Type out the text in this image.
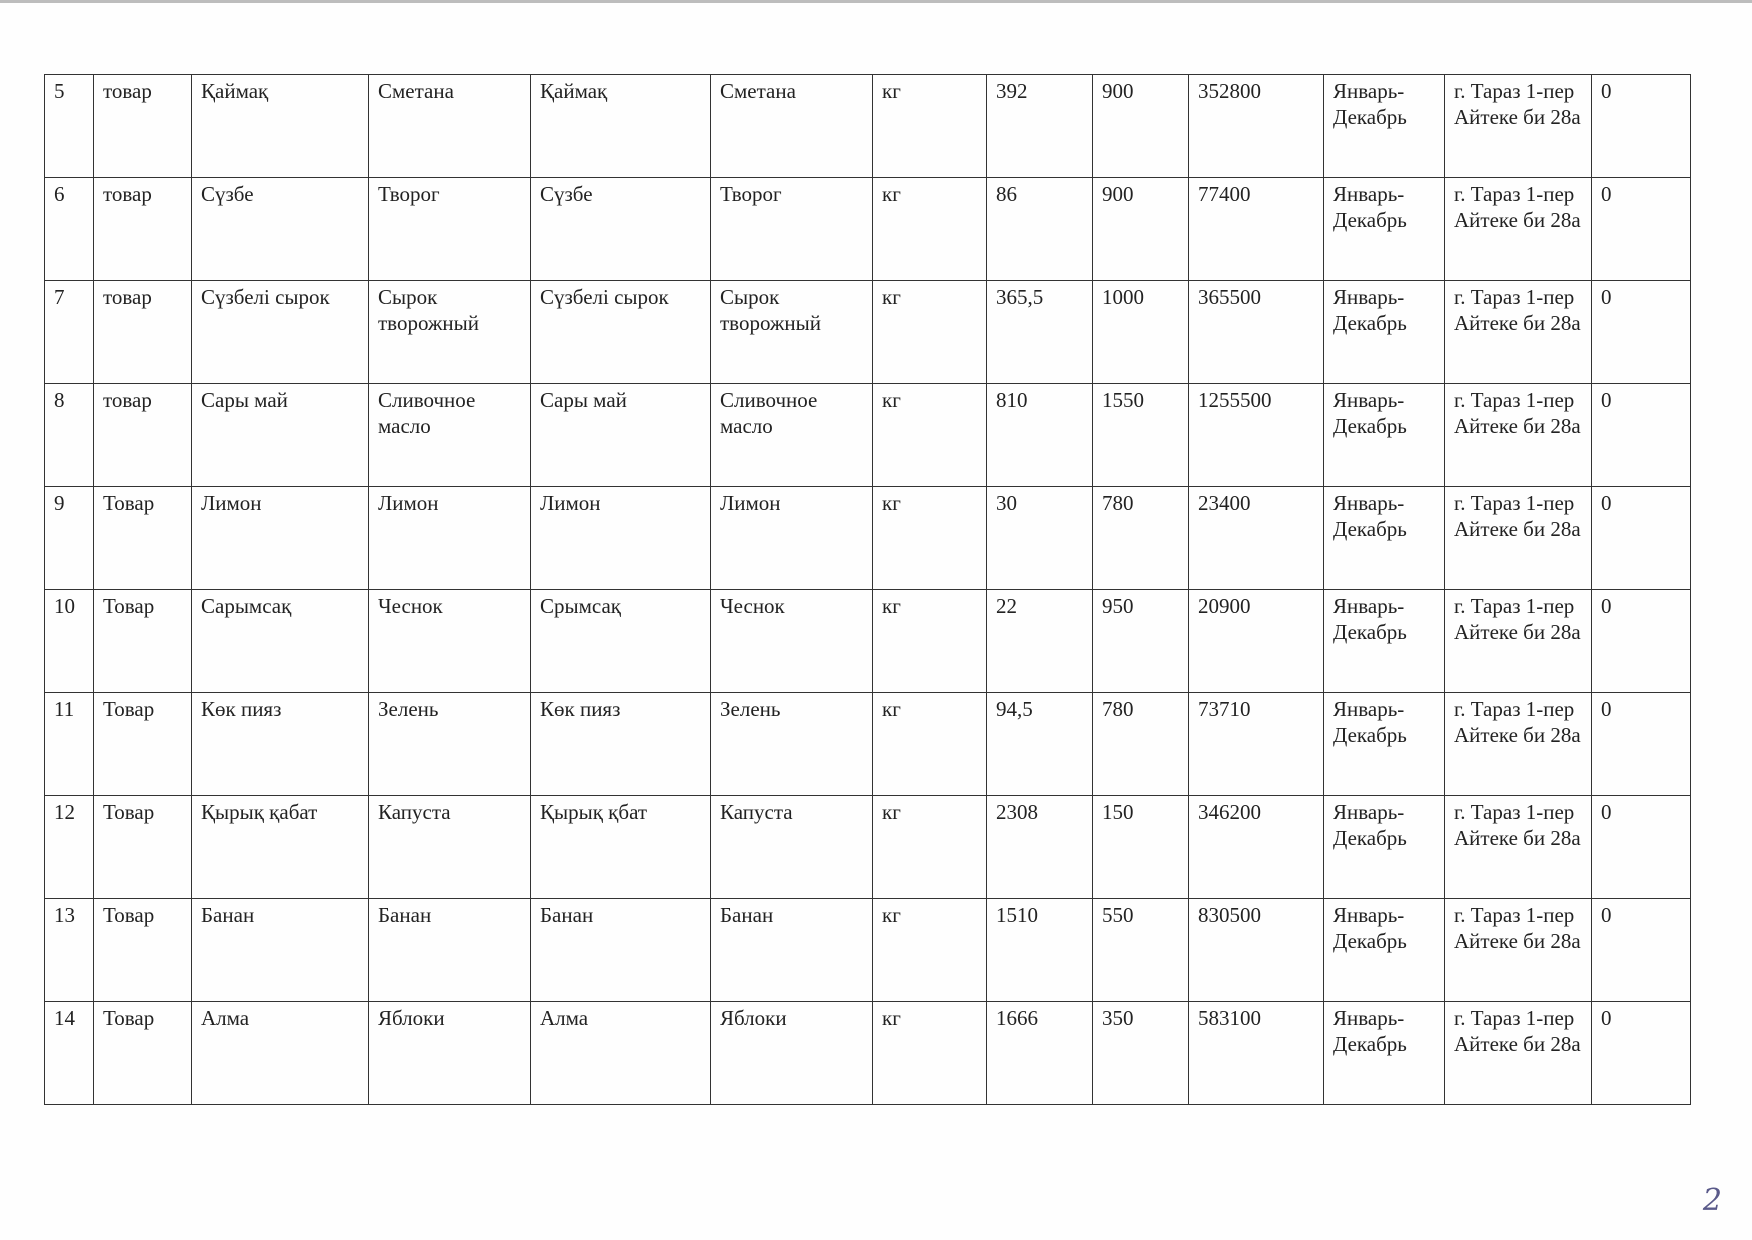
5	товар	Қаймақ	Сметана	Қаймақ	Сметана	кг	392	900	352800	Январь-Декабрь	г. Тараз 1-пер Айтеке би 28а	0
6	товар	Сүзбе	Творог	Сүзбе	Творог	кг	86	900	77400	Январь-Декабрь	г. Тараз 1-пер Айтеке би 28а	0
7	товар	Сүзбелі сырок	Сырок творожный	Сүзбелі сырок	Сырок творожный	кг	365,5	1000	365500	Январь-Декабрь	г. Тараз 1-пер Айтеке би 28а	0
8	товар	Сары май	Сливочное масло	Сары май	Сливочное масло	кг	810	1550	1255500	Январь-Декабрь	г. Тараз 1-пер Айтеке би 28а	0
9	Товар	Лимон	Лимон	Лимон	Лимон	кг	30	780	23400	Январь-Декабрь	г. Тараз 1-пер Айтеке би 28а	0
10	Товар	Сарымсақ	Чеснок	Срымсақ	Чеснок	кг	22	950	20900	Январь-Декабрь	г. Тараз 1-пер Айтеке би 28а	0
11	Товар	Көк пияз	Зелень	Көк пияз	Зелень	кг	94,5	780	73710	Январь-Декабрь	г. Тараз 1-пер Айтеке би 28а	0
12	Товар	Қырық қабат	Капуста	Қырық қбат	Капуста	кг	2308	150	346200	Январь-Декабрь	г. Тараз 1-пер Айтеке би 28а	0
13	Товар	Банан	Банан	Банан	Банан	кг	1510	550	830500	Январь-Декабрь	г. Тараз 1-пер Айтеке би 28а	0
14	Товар	Алма	Яблоки	Алма	Яблоки	кг	1666	350	583100	Январь-Декабрь	г. Тараз 1-пер Айтеке би 28а	0
2
